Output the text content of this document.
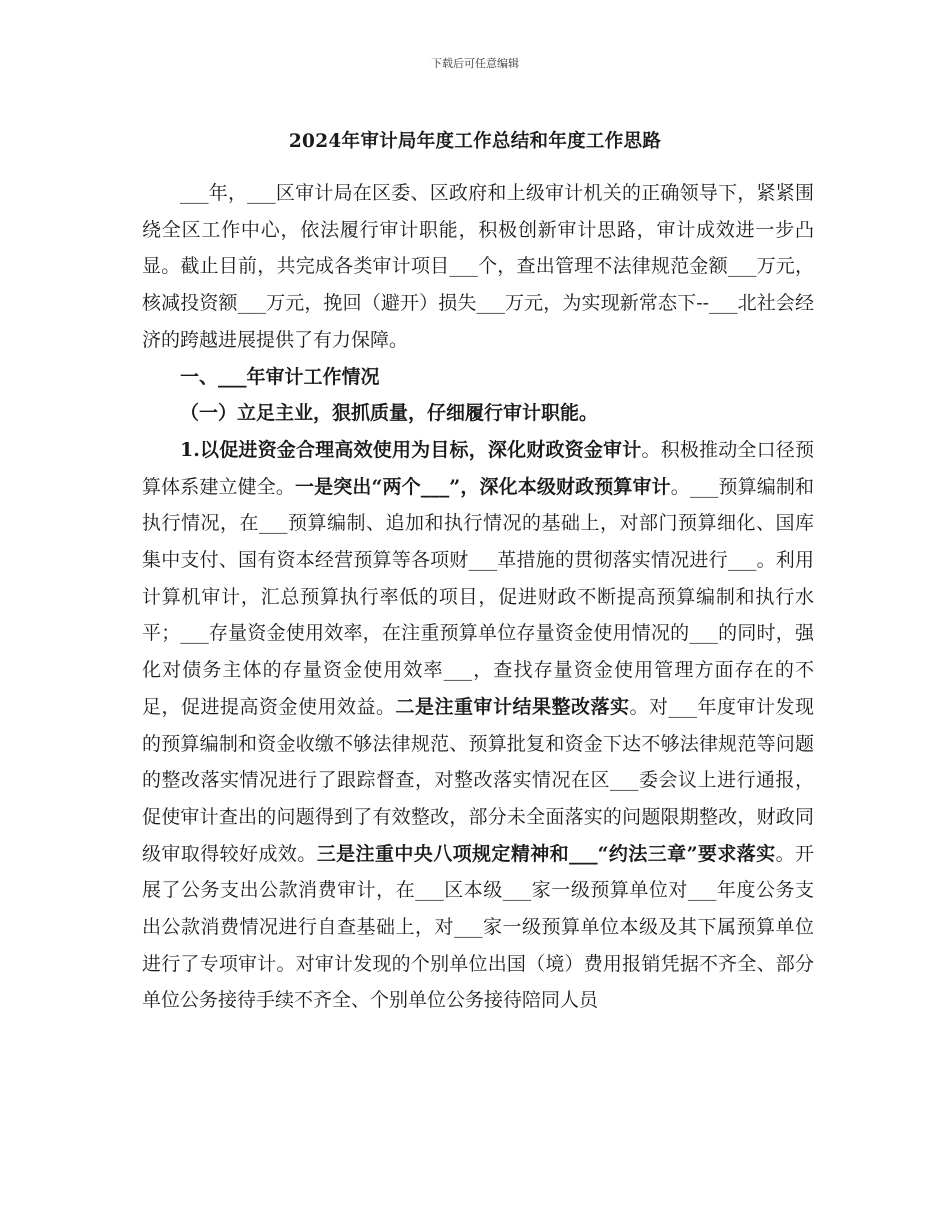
下载后可任意编辑
2024年审计局年度工作总结和年度工作思路

___年，___区审计局在区委、区政府和上级审计机关的正确领导下，紧紧围绕全区工作中心，依法履行审计职能，积极创新审计思路，审计成效进一步凸显。截止目前，共完成各类审计项目___个，查出管理不法律规范金额___万元，核减投资额___万元，挽回（避开）损失___万元，为实现新常态下--___北社会经济的跨越进展提供了有力保障。

一、___年审计工作情况

（一）立足主业，狠抓质量，仔细履行审计职能。

1.以促进资金合理高效使用为目标，深化财政资金审计。积极推动全口径预算体系建立健全。一是突出“两个___”，深化本级财政预算审计。___预算编制和执行情况，在___预算编制、追加和执行情况的基础上，对部门预算细化、国库集中支付、国有资本经营预算等各项财___革措施的贯彻落实情况进行___。利用计算机审计，汇总预算执行率低的项目，促进财政不断提高预算编制和执行水平；___存量资金使用效率，在注重预算单位存量资金使用情况的___的同时，强化对债务主体的存量资金使用效率___，查找存量资金使用管理方面存在的不足，促进提高资金使用效益。二是注重审计结果整改落实。对___年度审计发现的预算编制和资金收缴不够法律规范、预算批复和资金下达不够法律规范等问题的整改落实情况进行了跟踪督查，对整改落实情况在区___委会议上进行通报，促使审计查出的问题得到了有效整改，部分未全面落实的问题限期整改，财政同级审取得较好成效。三是注重中央八项规定精神和___“约法三章”要求落实。开展了公务支出公款消费审计，在___区本级___家一级预算单位对___年度公务支出公款消费情况进行自查基础上，对___家一级预算单位本级及其下属预算单位进行了专项审计。对审计发现的个别单位出国（境）费用报销凭据不齐全、部分单位公务接待手续不齐全、个别单位公务接待陪同人员
